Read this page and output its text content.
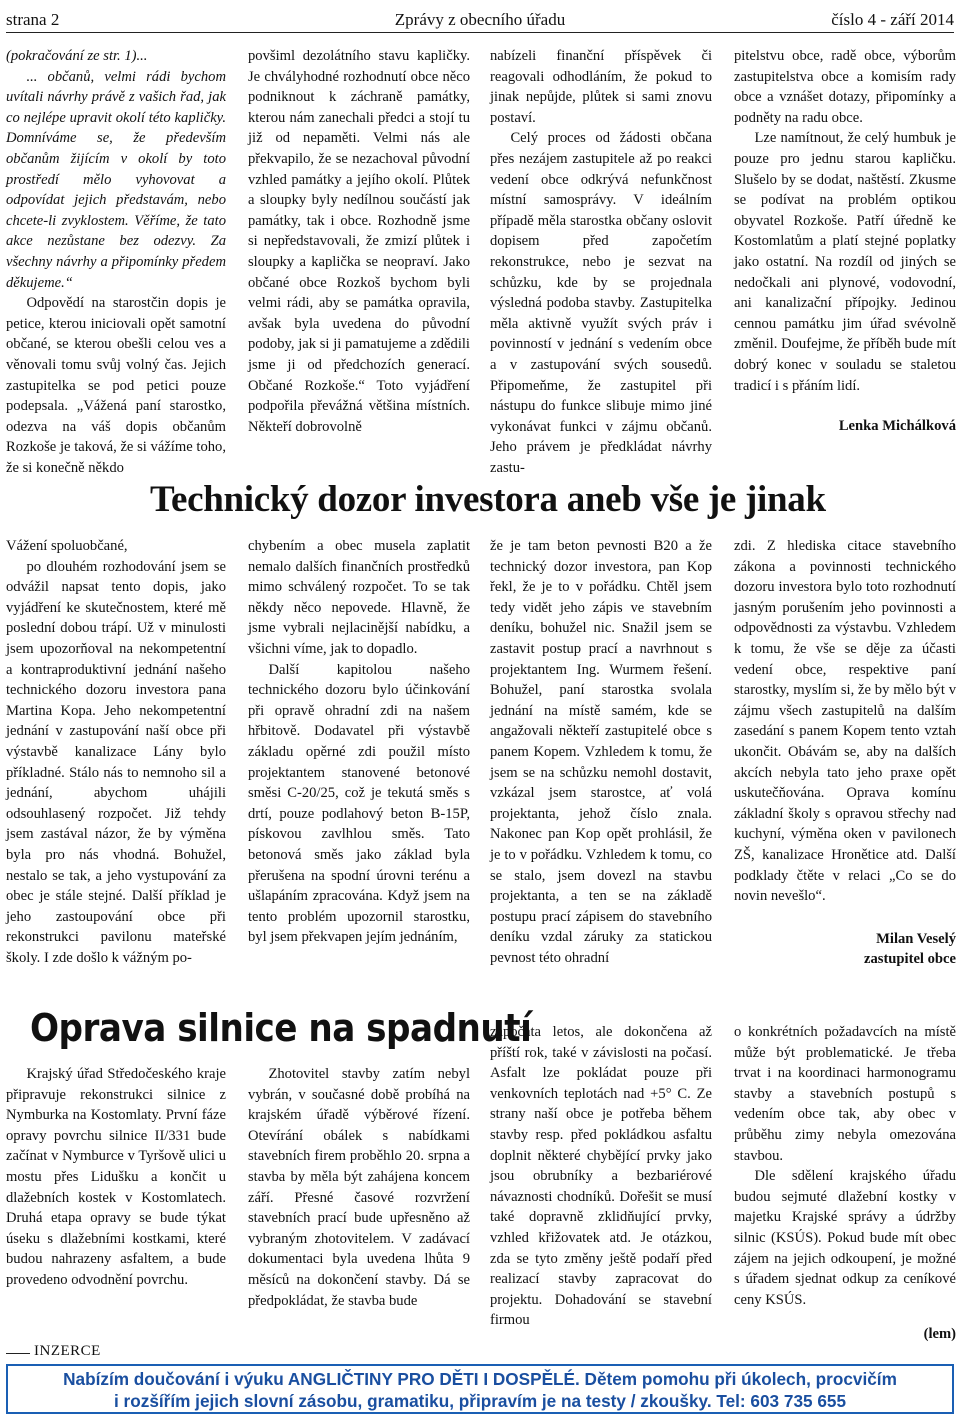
strana 2	Zprávy z obecního úřadu	číslo 4 - září 2014

(pokračování ze str. 1)...

... občanů, velmi rádi bychom uvítali návrhy právě z vašich řad, jak co nejlépe upravit okolí této kapličky. Domníváme se, že především občanům žijícím v okolí by toto prostředí mělo vyhovovat a odpovídat jejich představám, nebo chcete-li zvyklostem. Věříme, že tato akce nezůstane bez odezvy. Za všechny návrhy a připomínky předem děkujeme.“

Odpovědí na starostčin dopis je petice, kterou iniciovali opět samotní občané, se kterou obešli celou ves a věnovali tomu svůj volný čas. Jejich zastupitelka se pod petici pouze podepsala. „Vážená paní starostko, odezva na váš dopis občanům Rozkoše je taková, že si vážíme toho, že si konečně někdo

povšiml dezolátního stavu kapličky. Je chvályhodné rozhodnutí obce něco podniknout k záchraně památky, kterou nám zanechali předci a stojí tu již od nepaměti. Velmi nás ale překvapilo, že se nezachoval původní vzhled památky a jejího okolí. Plůtek a sloupky byly nedílnou součástí jak památky, tak i obce. Rozhodně jsme si nepředstavovali, že zmizí plůtek i sloupky a kaplička se neopraví. Jako občané obce Rozkoš bychom byli velmi rádi, aby se památka opravila, avšak byla uvedena do původní podoby, jak si ji pamatujeme a zdědili jsme ji od předchozích generací. Občané Rozkoše.“ Toto vyjádření podpořila převážná většina místních. Někteří dobrovolně

nabízeli finanční příspěvek či reagovali odhodláním, že pokud to jinak nepůjde, plůtek si sami znovu postaví.

Celý proces od žádosti občana přes nezájem zastupitele až po reakci vedení obce odkrývá nefunkčnost místní samosprávy. V ideálním případě měla starostka občany oslovit dopisem před započetím rekonstrukce, nebo je sezvat na schůzku, kde by se projednala výsledná podoba stavby. Zastupitelka měla aktivně využít svých práv i povinností v jednání s vedením obce a v zastupování svých sousedů. Připomeňme, že zastupitel při nástupu do funkce slibuje mimo jiné vykonávat funkci v zájmu občanů. Jeho právem je předkládat návrhy zastu-

pitelstvu obce, radě obce, výborům zastupitelstva obce a komisím rady obce a vznášet dotazy, připomínky a podněty na radu obce.

Lze namítnout, že celý humbuk je pouze pro jednu starou kapličku. Slušelo by se dodat, naštěstí. Zkusme se podívat na problém optikou obyvatel Rozkoše. Patří úředně ke Kostomlatům a platí stejné poplatky jako ostatní. Na rozdíl od jiných se nedočkali ani plynové, vodovodní, ani kanalizační přípojky. Jedinou cennou památku jim úřad svévolně změnil. Doufejme, že příběh bude mít dobrý konec v souladu se staletou tradicí i s přáním lidí.

Lenka Michálková

Technický dozor investora aneb vše je jinak

Vážení spoluobčané,

po dlouhém rozhodování jsem se odvážil napsat tento dopis, jako vyjádření ke skutečnostem, které mě poslední dobou trápí. Už v minulosti jsem upozorňoval na nekompetentní a kontraproduktivní jednání našeho technického dozoru investora pana Martina Kopa. Jeho nekompetentní jednání v zastupování naší obce při výstavbě kanalizace Lány bylo příkladné. Stálo nás to nemnoho sil a jednání, abychom uhájili odsouhlasený rozpočet. Již tehdy jsem zastával názor, že by výměna byla pro nás vhodná. Bohužel, nestalo se tak, a jeho vystupování za obec je stále stejné. Další příklad je jeho zastoupování obce při rekonstrukci pavilonu mateřské školy. I zde došlo k vážným po-

chybením a obec musela zaplatit nemalo dalších finančních prostředků mimo schválený rozpočet. To se tak někdy něco nepovede. Hlavně, že jsme vybrali nejlacinější nabídku, a všichni víme, jak to dopadlo.

Další kapitolou našeho technického dozoru bylo účinkování při opravě ohradní zdi na našem hřbitově. Dodavatel při výstavbě základu opěrné zdi použil místo projektantem stanovené betonové směsi C-20/25, což je tekutá směs s drtí, pouze podlahový beton B-15P, pískovou zavlhlou směs. Tato betonová směs jako základ byla přerušena na spodní úrovni terénu a ušlapáním zpracována. Když jsem na tento problém upozornil starostku, byl jsem překvapen jejím jednáním,

že je tam beton pevnosti B20 a že technický dozor investora, pan Kop řekl, že je to v pořádku. Chtěl jsem tedy vidět jeho zápis ve stavebním deníku, bohužel nic. Snažil jsem se zastavit postup prací a navrhnout s projektantem Ing. Wurmem řešení. Bohužel, paní starostka svolala jednání na místě samém, kde se angažovali někteří zastupitelé obce s panem Kopem. Vzhledem k tomu, že jsem se na schůzku nemohl dostavit, vzkázal jsem starostce, ať volá projektanta, jehož číslo znala. Nakonec pan Kop opět prohlásil, že je to v pořádku. Vzhledem k tomu, co se stalo, jsem dovezl na stavbu projektanta, a ten se na základě postupu prací zápisem do stavebního deníku vzdal záruky za statickou pevnost této ohradní

zdi. Z hlediska citace stavebního zákona a povinnosti technického dozoru investora bylo toto rozhodnutí jasným porušením jeho povinnosti a odpovědnosti za výstavbu. Vzhledem k tomu, že vše se děje za účasti vedení obce, respektive paní starostky, myslím si, že by mělo být v zájmu všech zastupitelů na dalším zasedání s panem Kopem tento vztah ukončit. Obávám se, aby na dalších akcích nebyla tato jeho praxe opět uskutečňována. Oprava komínu základní školy s opravou střechy nad kuchyní, výměna oken v pavilonech ZŠ, kanalizace Hronětice atd. Další podklady čtěte v relaci „Co se do novin nevešlo“.

Milan Veselý

zastupitel obce

Oprava silnice na spadnutí

Krajský úřad Středočeského kraje připravuje rekonstrukci silnice z Nymburka na Kostomlaty. První fáze opravy povrchu silnice II/331 bude začínat v Nymburce v Tyršově ulici u mostu přes Lidušku a končit u dlažebních kostek v Kostomlatech. Druhá etapa opravy se bude týkat úseku s dlažebními kostkami, které budou nahrazeny asfaltem, a bude provedeno odvodnění povrchu.

Zhotovitel stavby zatím nebyl vybrán, v současné době probíhá na krajském úřadě výběrové řízení. Otevírání obálek s nabídkami stavebních firem proběhlo 20. srpna a stavba by měla být zahájena koncem září. Přesné časové rozvržení stavebních prací bude upřesněno až vybraným zhotovitelem. V zadávací dokumentaci byla uvedena lhůta 9 měsíců na dokončení stavby. Dá se předpokládat, že stavba bude

započata letos, ale dokončena až příští rok, také v závislosti na počasí. Asfalt lze pokládat pouze při venkovních teplotách nad +5° C. Ze strany naší obce je potřeba během stavby resp. před pokládkou asfaltu doplnit některé chybějící prvky jako jsou obrubníky a bezbariérové návaznosti chodníků. Dořešit se musí také dopravně zklidňující prvky, vzhled křižovatek atd. Je otázkou, zda se tyto změny ještě podaří před realizací stavby zapracovat do projektu. Dohadování se stavební firmou

o konkrétních požadavcích na místě může být problematické. Je třeba trvat i na koordinaci harmonogramu stavby a stavebních postupů s vedením obce tak, aby obec v průběhu zimy nebyla omezována stavbou.

Dle sdělení krajského úřadu budou sejmuté dlažební kostky v majetku Krajské správy a údržby silnic (KSÚS). Pokud bude mít obec zájem na jejich odkoupení, je možné s úřadem sjednat odkup za ceníkové ceny KSÚS.

(lem)

INZERCE
Nabízím doučování i výuku ANGLIČTINY PRO DĚTI I DOSPĚLÉ. Dětem pomohu při úkolech, procvičím
i rozšířím jejich slovní zásobu, gramatiku, připravím je na testy / zkoušky. Tel: 603 735 655
